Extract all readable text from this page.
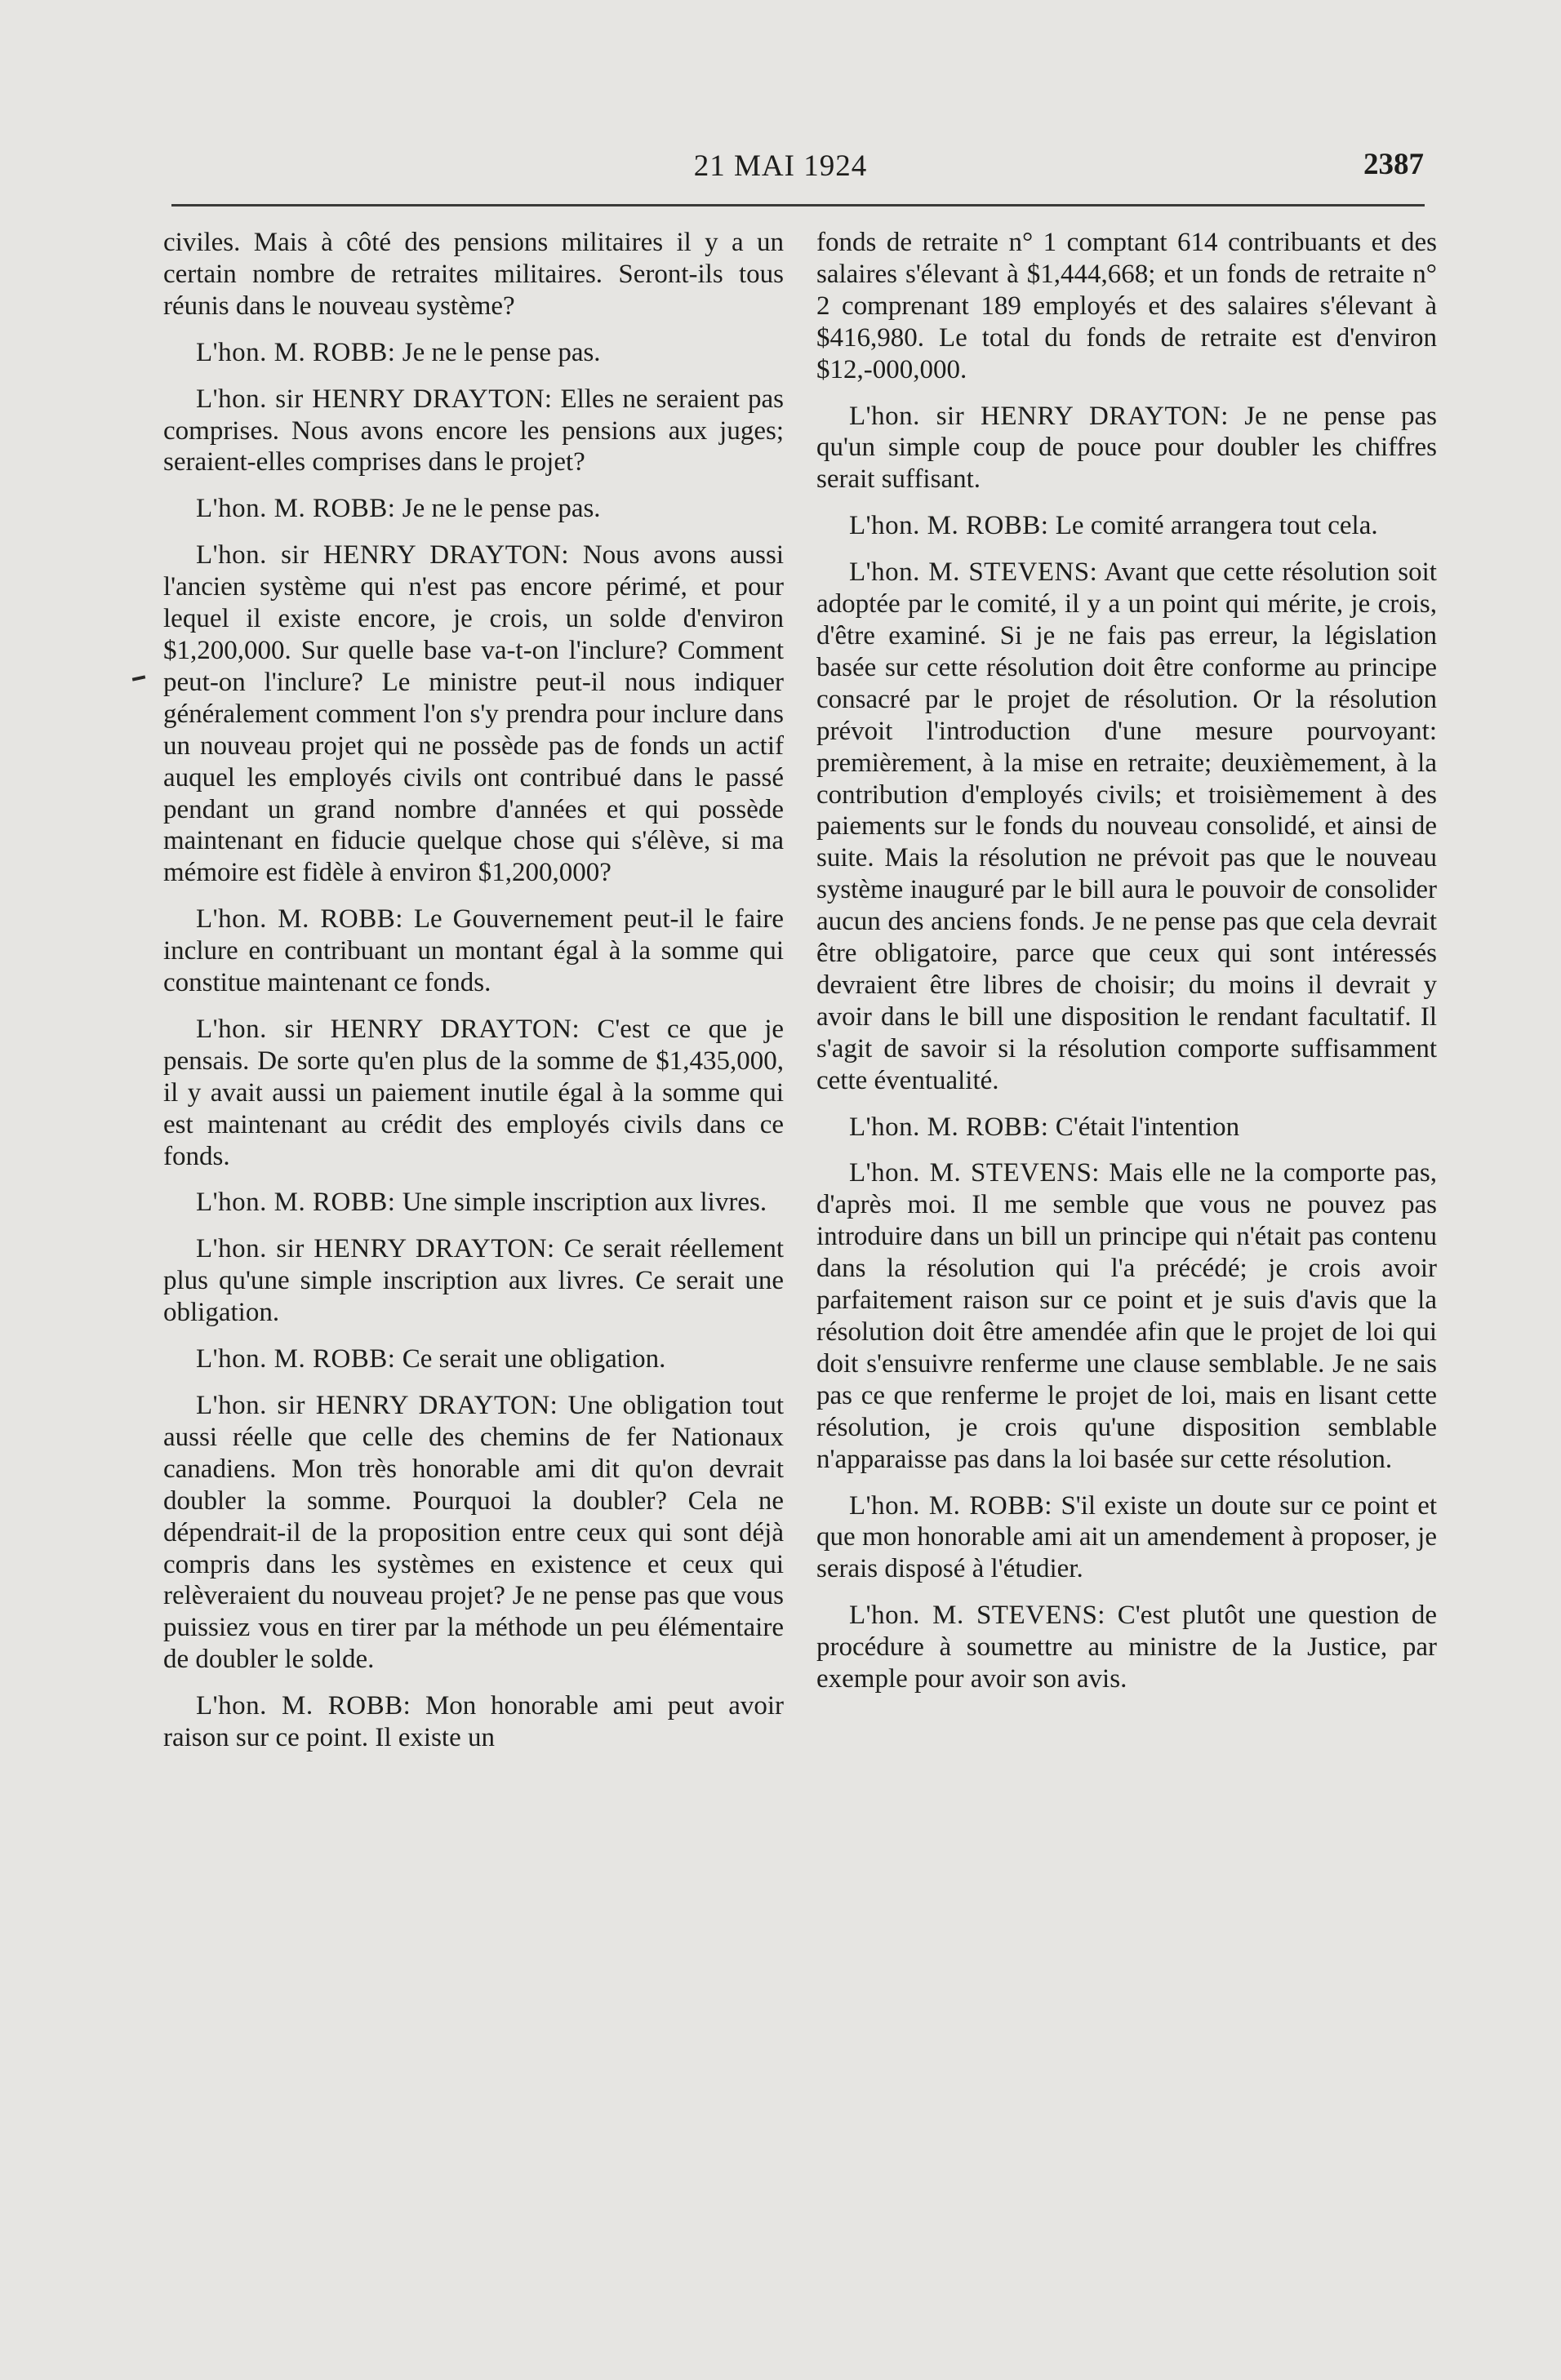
21 MAI 1924	2387

civiles. Mais à côté des pensions militaires il y a un certain nombre de retraites militaires. Seront-ils tous réunis dans le nouveau système?

L'hon. M. ROBB: Je ne le pense pas.

L'hon. sir HENRY DRAYTON: Elles ne seraient pas comprises. Nous avons encore les pensions aux juges; seraient-elles comprises dans le projet?

L'hon. M. ROBB: Je ne le pense pas.

L'hon. sir HENRY DRAYTON: Nous avons aussi l'ancien système qui n'est pas encore périmé, et pour lequel il existe encore, je crois, un solde d'environ $1,200,000. Sur quelle base va-t-on l'inclure? Comment peut-on l'inclure? Le ministre peut-il nous indiquer généralement comment l'on s'y prendra pour inclure dans un nouveau projet qui ne possède pas de fonds un actif auquel les employés civils ont contribué dans le passé pendant un grand nombre d'années et qui possède maintenant en fiducie quelque chose qui s'élève, si ma mémoire est fidèle à environ $1,200,000?

L'hon. M. ROBB: Le Gouvernement peut-il le faire inclure en contribuant un montant égal à la somme qui constitue maintenant ce fonds.

L'hon. sir HENRY DRAYTON: C'est ce que je pensais. De sorte qu'en plus de la somme de $1,435,000, il y avait aussi un paiement inutile égal à la somme qui est maintenant au crédit des employés civils dans ce fonds.

L'hon. M. ROBB: Une simple inscription aux livres.

L'hon. sir HENRY DRAYTON: Ce serait réellement plus qu'une simple inscription aux livres. Ce serait une obligation.

L'hon. M. ROBB: Ce serait une obligation.

L'hon. sir HENRY DRAYTON: Une obligation tout aussi réelle que celle des chemins de fer Nationaux canadiens. Mon très honorable ami dit qu'on devrait doubler la somme. Pourquoi la doubler? Cela ne dépendrait-il de la proposition entre ceux qui sont déjà compris dans les systèmes en existence et ceux qui relèveraient du nouveau projet? Je ne pense pas que vous puissiez vous en tirer par la méthode un peu élémentaire de doubler le solde.

L'hon. M. ROBB: Mon honorable ami peut avoir raison sur ce point. Il existe un

fonds de retraite n° 1 comptant 614 contribuants et des salaires s'élevant à $1,444,668; et un fonds de retraite n° 2 comprenant 189 employés et des salaires s'élevant à $416,980. Le total du fonds de retraite est d'environ $12,-000,000.

L'hon. sir HENRY DRAYTON: Je ne pense pas qu'un simple coup de pouce pour doubler les chiffres serait suffisant.

L'hon. M. ROBB: Le comité arrangera tout cela.

L'hon. M. STEVENS: Avant que cette résolution soit adoptée par le comité, il y a un point qui mérite, je crois, d'être examiné. Si je ne fais pas erreur, la législation basée sur cette résolution doit être conforme au principe consacré par le projet de résolution. Or la résolution prévoit l'introduction d'une mesure pourvoyant: premièrement, à la mise en retraite; deuxièmement, à la contribution d'employés civils; et troisièmement à des paiements sur le fonds du nouveau consolidé, et ainsi de suite. Mais la résolution ne prévoit pas que le nouveau système inauguré par le bill aura le pouvoir de consolider aucun des anciens fonds. Je ne pense pas que cela devrait être obligatoire, parce que ceux qui sont intéressés devraient être libres de choisir; du moins il devrait y avoir dans le bill une disposition le rendant facultatif. Il s'agit de savoir si la résolution comporte suffisamment cette éventualité.

L'hon. M. ROBB: C'était l'intention

L'hon. M. STEVENS: Mais elle ne la comporte pas, d'après moi. Il me semble que vous ne pouvez pas introduire dans un bill un principe qui n'était pas contenu dans la résolution qui l'a précédé; je crois avoir parfaitement raison sur ce point et je suis d'avis que la résolution doit être amendée afin que le projet de loi qui doit s'ensuivre renferme une clause semblable. Je ne sais pas ce que renferme le projet de loi, mais en lisant cette résolution, je crois qu'une disposition semblable n'apparaisse pas dans la loi basée sur cette résolution.

L'hon. M. ROBB: S'il existe un doute sur ce point et que mon honorable ami ait un amendement à proposer, je serais disposé à l'étudier.

L'hon. M. STEVENS: C'est plutôt une question de procédure à soumettre au ministre de la Justice, par exemple pour avoir son avis.
